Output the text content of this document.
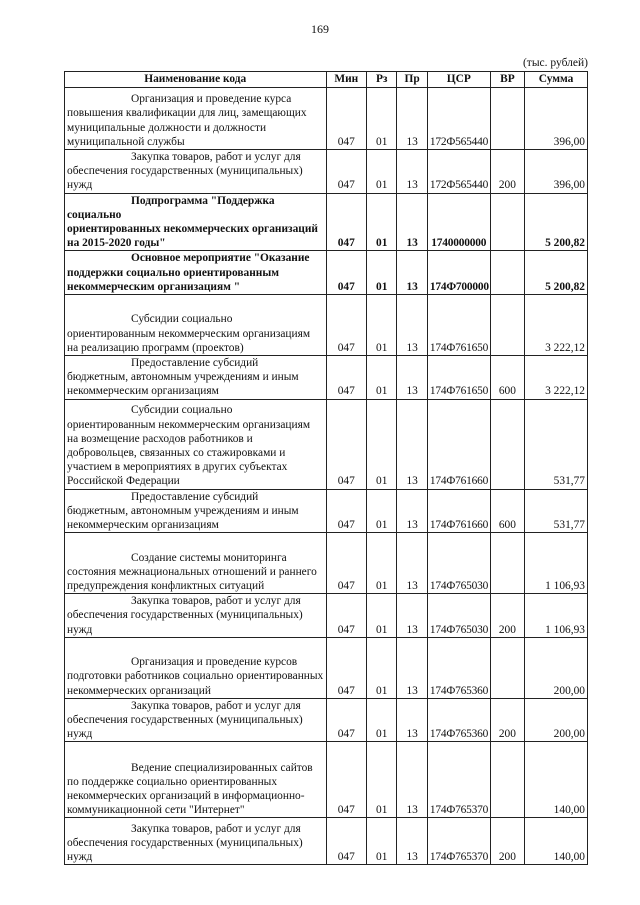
169
(тыс. рублей)
Наименование кода	Мин	Рз	Пр	ЦСР	ВР	Сумма

Организация и проведение курса
повышения квалификации для лиц, замещающих муниципальные должности и должности муниципальной службы	047	01	13	172Ф565440		396,00

Закупка товаров, работ и услуг для
обеспечения государственных (муниципальных) нужд	047	01	13	172Ф565440	200	396,00

Подпрограмма "Поддержка социально
ориентированных некоммерческих организаций на 2015-2020 годы"	047	01	13	1740000000		5 200,82

Основное мероприятие "Оказание
поддержки социально ориентированным некоммерческим организациям "	047	01	13	174Ф700000		5 200,82

Субсидии социально
ориентированным некоммерческим организациям на реализацию программ (проектов)	047	01	13	174Ф761650		3 222,12

Предоставление субсидий
бюджетным, автономным учреждениям и иным некоммерческим организациям	047	01	13	174Ф761650	600	3 222,12

Субсидии социально
ориентированным некоммерческим организациям на возмещение расходов работников и добровольцев, связанных со стажировками и участием в мероприятиях в других субъектах Российской Федерации	047	01	13	174Ф761660		531,77

Предоставление субсидий
бюджетным, автономным учреждениям и иным некоммерческим организациям	047	01	13	174Ф761660	600	531,77

Создание системы мониторинга
состояния межнациональных отношений и раннего предупреждения конфликтных ситуаций	047	01	13	174Ф765030		1 106,93

Закупка товаров, работ и услуг для
обеспечения государственных (муниципальных) нужд	047	01	13	174Ф765030	200	1 106,93

Организация и проведение курсов
подготовки работников социально ориентированных некоммерческих организаций	047	01	13	174Ф765360		200,00

Закупка товаров, работ и услуг для
обеспечения государственных (муниципальных) нужд	047	01	13	174Ф765360	200	200,00

Ведение специализированных сайтов
по поддержке социально ориентированных некоммерческих организаций в информационно-коммуникационной сети "Интернет"	047	01	13	174Ф765370		140,00

Закупка товаров, работ и услуг для
обеспечения государственных (муниципальных) нужд	047	01	13	174Ф765370	200	140,00
